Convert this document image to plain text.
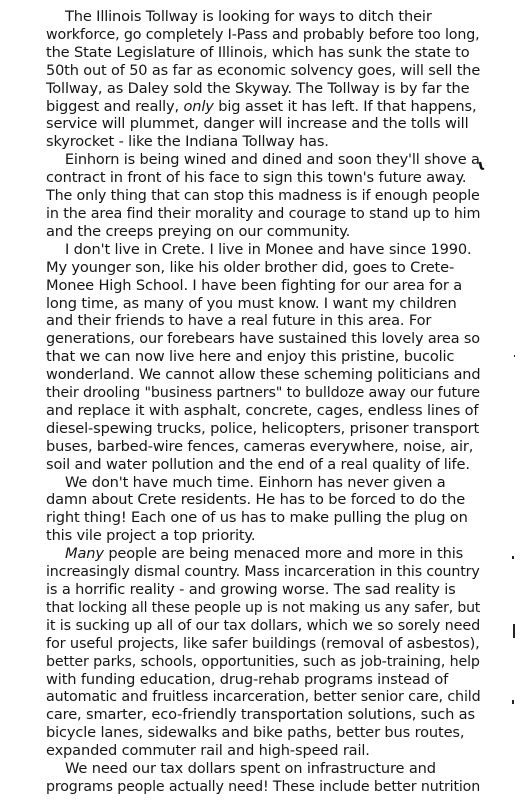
The Illinois Tollway is looking for ways to ditch their
workforce, go completely I-Pass and probably before too long,
the State Legislature of Illinois, which has sunk the state to
50th out of 50 as far as economic solvency goes, will sell the
Tollway, as Daley sold the Skyway. The Tollway is by far the
biggest and really, only big asset it has left. If that happens,
service will plummet, danger will increase and the tolls will
skyrocket - like the Indiana Tollway has.
Einhorn is being wined and dined and soon they'll shove a
contract in front of his face to sign this town's future away.
The only thing that can stop this madness is if enough people
in the area find their morality and courage to stand up to him
and the creeps preying on our community.
I don't live in Crete. I live in Monee and have since 1990.
My younger son, like his older brother did, goes to Crete-
Monee High School. I have been fighting for our area for a
long time, as many of you must know. I want my children
and their friends to have a real future in this area. For
generations, our forebears have sustained this lovely area so
that we can now live here and enjoy this pristine, bucolic
wonderland. We cannot allow these scheming politicians and
their drooling "business partners" to bulldoze away our future
and replace it with asphalt, concrete, cages, endless lines of
diesel-spewing trucks, police, helicopters, prisoner transport
buses, barbed-wire fences, cameras everywhere, noise, air,
soil and water pollution and the end of a real quality of life.
We don't have much time. Einhorn has never given a
damn about Crete residents. He has to be forced to do the
right thing! Each one of us has to make pulling the plug on
this vile project a top priority.
Many people are being menaced more and more in this
increasingly dismal country. Mass incarceration in this country
is a horrific reality - and growing worse. The sad reality is
that locking all these people up is not making us any safer, but
it is sucking up all of our tax dollars, which we so sorely need
for useful projects, like safer buildings (removal of asbestos),
better parks, schools, opportunities, such as job-training, help
with funding education, drug-rehab programs instead of
automatic and fruitless incarceration, better senior care, child
care, smarter, eco-friendly transportation solutions, such as
bicycle lanes, sidewalks and bike paths, better bus routes,
expanded commuter rail and high-speed rail.
We need our tax dollars spent on infrastructure and
programs people actually need! These include better nutrition
ɩ
